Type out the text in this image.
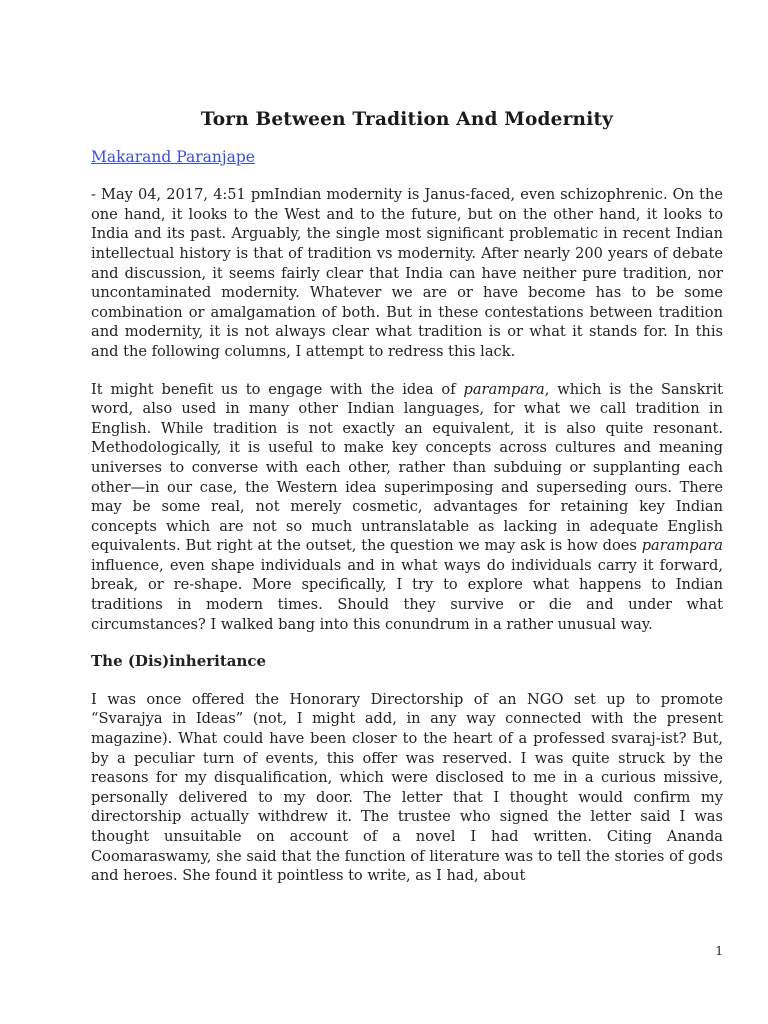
Torn Between Tradition And Modernity
Makarand Paranjape

- May 04, 2017, 4:51 pmIndian modernity is Janus-faced, even schizophrenic. On the one hand, it looks to the West and to the future, but on the other hand, it looks to India and its past. Arguably, the single most significant problematic in recent Indian intellectual history is that of tradition vs modernity. After nearly 200 years of debate and discussion, it seems fairly clear that India can have neither pure tradition, nor uncontaminated modernity. Whatever we are or have become has to be some combination or amalgamation of both. But in these contestations between tradition and modernity, it is not always clear what tradition is or what it stands for. In this and the following columns, I attempt to redress this lack.

It might benefit us to engage with the idea of parampara, which is the Sanskrit word, also used in many other Indian languages, for what we call tradition in English. While tradition is not exactly an equivalent, it is also quite resonant. Methodologically, it is useful to make key concepts across cultures and meaning universes to converse with each other, rather than subduing or supplanting each other—in our case, the Western idea superimposing and superseding ours. There may be some real, not merely cosmetic, advantages for retaining key Indian concepts which are not so much untranslatable as lacking in adequate English equivalents. But right at the outset, the question we may ask is how does parampara influence, even shape individuals and in what ways do individuals carry it forward, break, or re-shape. More specifically, I try to explore what happens to Indian traditions in modern times. Should they survive or die and under what circumstances? I walked bang into this conundrum in a rather unusual way.

The (Dis)inheritance

I was once offered the Honorary Directorship of an NGO set up to promote “Svarajya in Ideas” (not, I might add, in any way connected with the present magazine). What could have been closer to the heart of a professed svaraj-ist? But, by a peculiar turn of events, this offer was reserved. I was quite struck by the reasons for my disqualification, which were disclosed to me in a curious missive, personally delivered to my door. The letter that I thought would confirm my directorship actually withdrew it. The trustee who signed the letter said I was thought unsuitable on account of a novel I had written. Citing Ananda Coomaraswamy, she said that the function of literature was to tell the stories of gods and heroes. She found it pointless to write, as I had, about

1
